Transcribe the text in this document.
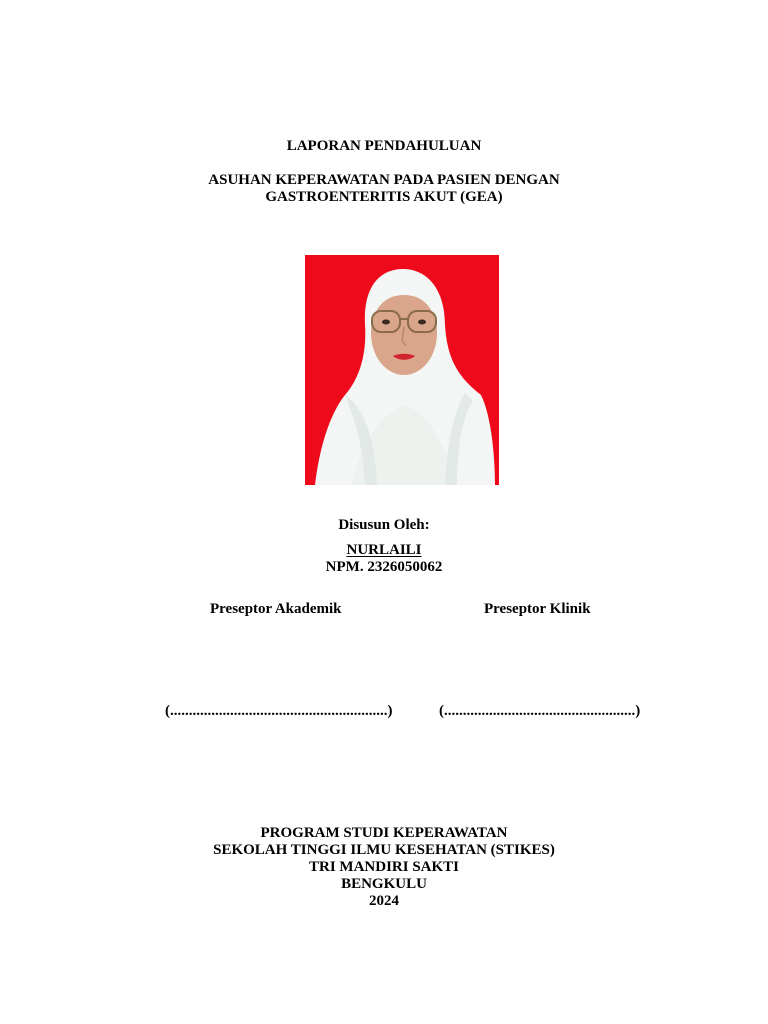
LAPORAN PENDAHULUAN
ASUHAN KEPERAWATAN PADA PASIEN DENGAN
GASTROENTERITIS AKUT (GEA)
Disusun Oleh:
NURLAILI
NPM. 2326050062
Preseptor Akademik	Preseptor Klinik
(..........................................................)	(...................................................)
PROGRAM STUDI KEPERAWATAN
SEKOLAH TINGGI ILMU KESEHATAN (STIKES)
TRI MANDIRI SAKTI
BENGKULU
2024
